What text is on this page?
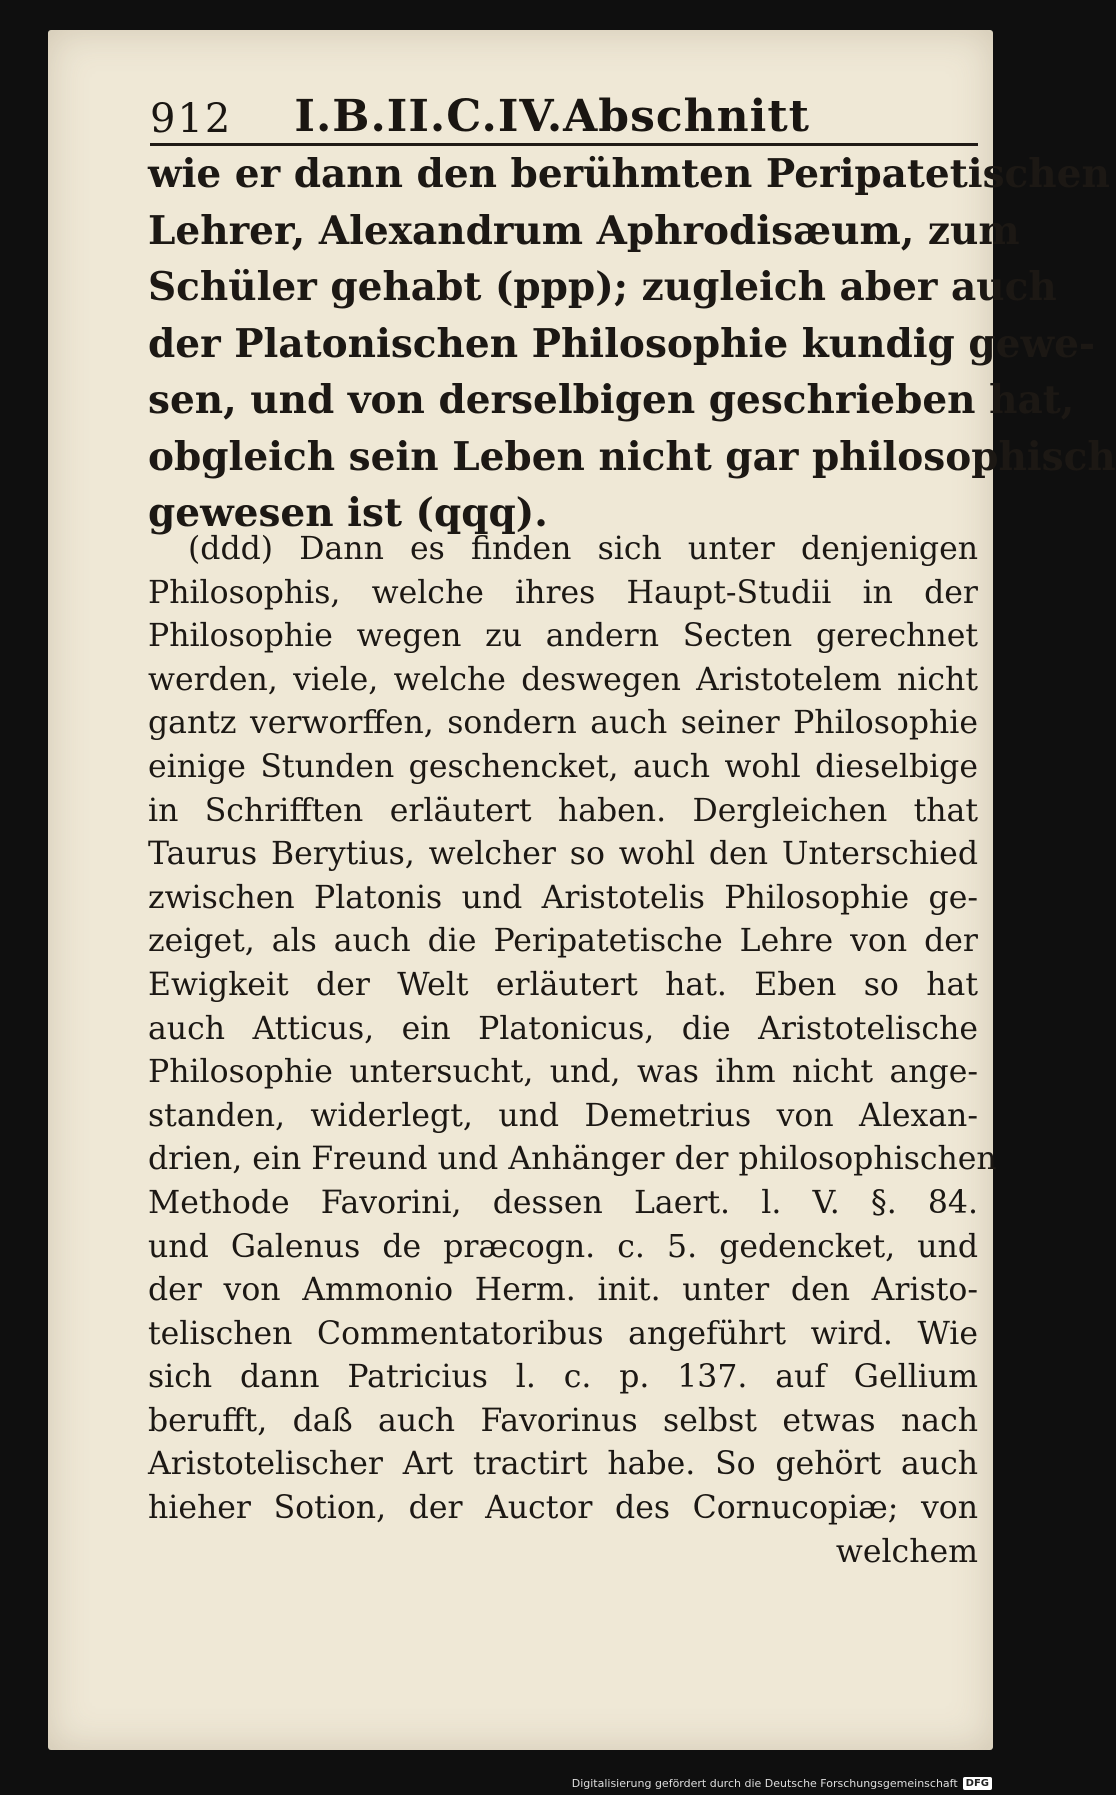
912 I.B.II.C.IV.Abschnitt
wie er dann den berühmten Peripatetischen
Lehrer, Alexandrum Aphrodisæum, zum
Schüler gehabt (ppp); zugleich aber auch
der Platonischen Philosophie kundig gewe-
sen, und von derselbigen geschrieben hat,
obgleich sein Leben nicht gar philosophisch
gewesen ist (qqq).
(ddd) Dann es finden sich unter denjenigen
Philosophis, welche ihres Haupt-Studii in der
Philosophie wegen zu andern Secten gerechnet
werden, viele, welche deswegen Aristotelem nicht
gantz verworffen, sondern auch seiner Philosophie
einige Stunden geschencket, auch wohl dieselbige
in Schrifften erläutert haben. Dergleichen that
Taurus Berytius, welcher so wohl den Unterschied
zwischen Platonis und Aristotelis Philosophie ge-
zeiget, als auch die Peripatetische Lehre von der
Ewigkeit der Welt erläutert hat. Eben so hat
auch Atticus, ein Platonicus, die Aristotelische
Philosophie untersucht, und, was ihm nicht ange-
standen, widerlegt, und Demetrius von Alexan-
drien, ein Freund und Anhänger der philosophischen
Methode Favorini, dessen Laert. l. V. §. 84.
und Galenus de præcogn. c. 5. gedencket, und
der von Ammonio Herm. init. unter den Aristo-
telischen Commentatoribus angeführt wird. Wie
sich dann Patricius l. c. p. 137. auf Gellium
berufft, daß auch Favorinus selbst etwas nach
Aristotelischer Art tractirt habe. So gehört auch
hieher Sotion, der Auctor des Cornucopiæ; von
welchem
Digitalisierung gefördert durch die Deutsche Forschungsgemeinschaft DFG
